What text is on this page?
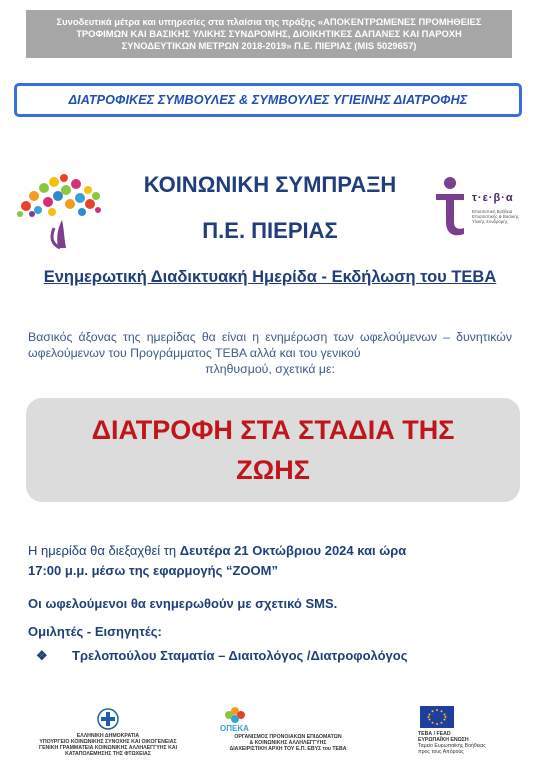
Συνοδευτικά μέτρα και υπηρεσίες στα πλαίσια της πράξης «ΑΠΟΚΕΝΤΡΩΜΕΝΕΣ ΠΡΟΜΗΘΕΙΕΣ
ΤΡΟΦΙΜΩΝ ΚΑΙ ΒΑΣΙΚΗΣ ΥΛΙΚΗΣ ΣΥΝΔΡΟΜΗΣ, ΔΙΟΙΚΗΤΙΚΕΣ ΔΑΠΑΝΕΣ ΚΑΙ ΠΑΡΟΧΗ
ΣΥΝΟΔΕΥΤΙΚΩΝ ΜΕΤΡΩΝ 2018-2019» Π.Ε. ΠΙΕΡΙΑΣ (MIS 5029657)
ΔΙΑΤΡΟΦΙΚΕΣ ΣΥΜΒΟΥΛΕΣ & ΣΥΜΒΟΥΛΕΣ ΥΓΙΕΙΝΗΣ ΔΙΑΤΡΟΦΗΣ
ΚΟΙΝΩΝΙΚΗ ΣΥΜΠΡΑΞΗ
Π.Ε. ΠΙΕΡΙΑΣ
τ·ε·β·α
Επισιτιστική Βοήθεια
Επισιτιστικής & Βασικής
Υλικής Συνδρομής
Ενημερωτική Διαδικτυακή Ημερίδα - Εκδήλωση του ΤΕΒΑ
Βασικός άξονας της ημερίδας θα είναι η ενημέρωση των ωφελούμενων – δυνητικών ωφελούμενων του Προγράμματος ΤΕΒΑ αλλά και του γενικού
πληθυσμού, σχετικά με:
ΔΙΑΤΡΟΦΗ ΣΤΑ ΣΤΑΔΙΑ ΤΗΣ
ΖΩΗΣ
Η ημερίδα θα διεξαχθεί τη Δευτέρα 21 Οκτώβριου 2024 και ώρα
17:00 μ.μ. μέσω της εφαρμογής “ZOOM”
Οι ωφελούμενοι θα ενημερωθούν με σχετικό SMS.
Ομιλητές - Εισηγητές:
❖ Τρελοπούλου Σταματία – Διαιτολόγος /Διατροφολόγος
ΕΛΛΗΝΙΚΗ ΔΗΜΟΚΡΑΤΙΑ
ΥΠΟΥΡΓΕΙΟ ΚΟΙΝΩΝΙΚΗΣ ΣΥΝΟΧΗΣ ΚΑΙ ΟΙΚΟΓΕΝΕΙΑΣ
ΓΕΝΙΚΗ ΓΡΑΜΜΑΤΕΙΑ ΚΟΙΝΩΝΙΚΗΣ ΑΛΛΗΛΕΓΓΥΗΣ ΚΑΙ
ΚΑΤΑΠΟΛΕΜΗΣΗΣ ΤΗΣ ΦΤΩΧΕΙΑΣ
ΟΠΕΚΑ
ΟΡΓΑΝΙΣΜΟΣ ΠΡΟΝΟΙΑΚΩΝ ΕΠΙΔΟΜΑΤΩΝ
& ΚΟΙΝΩΝΙΚΗΣ ΑΛΛΗΛΕΓΓΥΗΣ
ΔΙΑΧΕΙΡΙΣΤΙΚΗ ΑΡΧΗ ΤΟΥ Ε.Π. ΕΒΥΣ του ΤΕΒΑ
ΤΕΒΑ / FEAD
ΕΥΡΩΠΑΪΚΗ ΕΝΩΣΗ
Ταμείο Ευρωπαϊκής Βοήθειας
προς τους Απόρους
